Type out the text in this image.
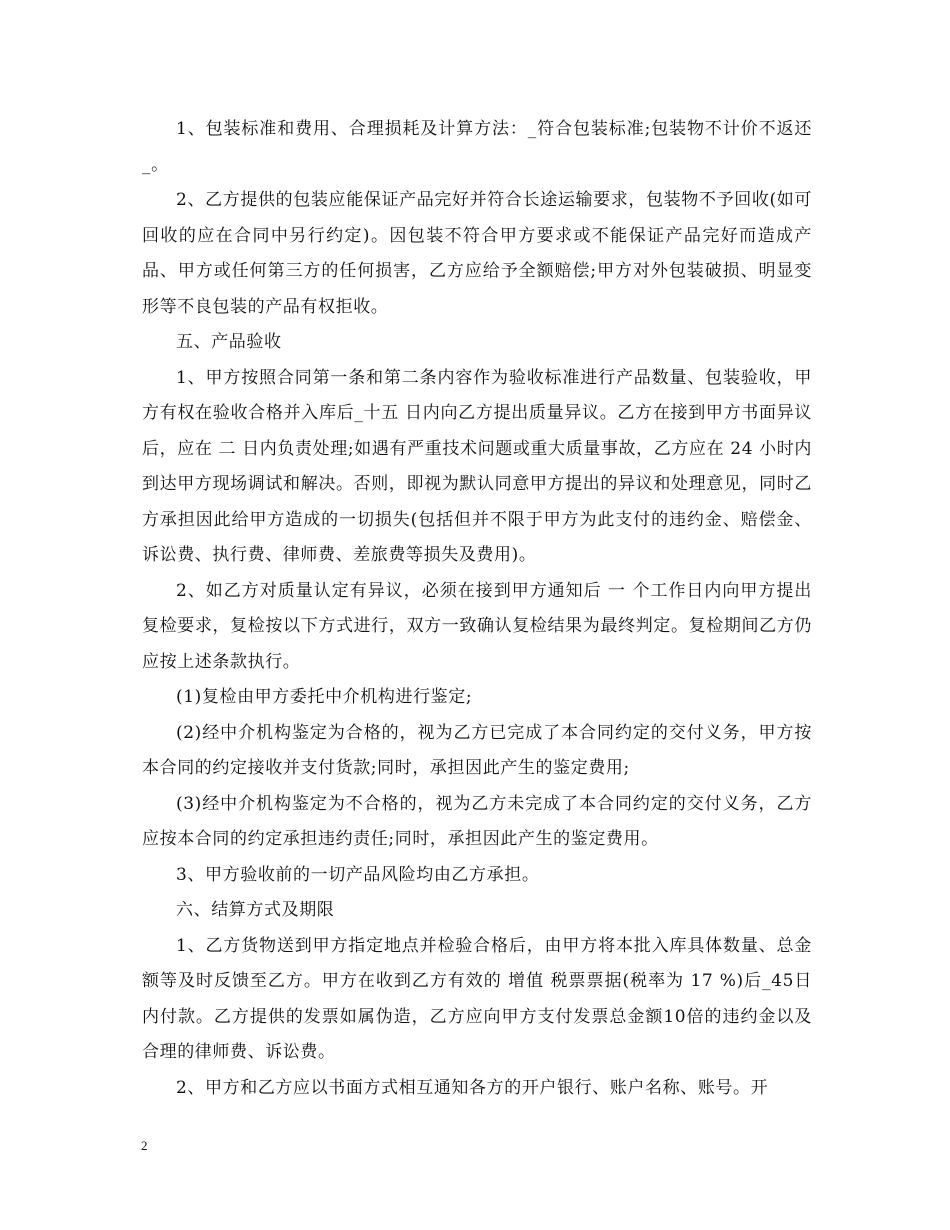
1、包装标准和费用、合理损耗及计算方法：_符合包装标准;包装物不计价不返还_。

2、乙方提供的包装应能保证产品完好并符合长途运输要求，包装物不予回收(如可回收的应在合同中另行约定)。因包装不符合甲方要求或不能保证产品完好而造成产品、甲方或任何第三方的任何损害，乙方应给予全额赔偿;甲方对外包装破损、明显变形等不良包装的产品有权拒收。

五、产品验收

1、甲方按照合同第一条和第二条内容作为验收标准进行产品数量、包装验收，甲方有权在验收合格并入库后_十五 日内向乙方提出质量异议。乙方在接到甲方书面异议后，应在 二 日内负责处理;如遇有严重技术问题或重大质量事故，乙方应在 24 小时内到达甲方现场调试和解决。否则，即视为默认同意甲方提出的异议和处理意见，同时乙方承担因此给甲方造成的一切损失(包括但并不限于甲方为此支付的违约金、赔偿金、诉讼费、执行费、律师费、差旅费等损失及费用)。

2、如乙方对质量认定有异议，必须在接到甲方通知后 一 个工作日内向甲方提出复检要求，复检按以下方式进行，双方一致确认复检结果为最终判定。复检期间乙方仍应按上述条款执行。

(1)复检由甲方委托中介机构进行鉴定;

(2)经中介机构鉴定为合格的，视为乙方已完成了本合同约定的交付义务，甲方按本合同的约定接收并支付货款;同时，承担因此产生的鉴定费用;

(3)经中介机构鉴定为不合格的，视为乙方未完成了本合同约定的交付义务，乙方应按本合同的约定承担违约责任;同时，承担因此产生的鉴定费用。

3、甲方验收前的一切产品风险均由乙方承担。

六、结算方式及期限

1、乙方货物送到甲方指定地点并检验合格后，由甲方将本批入库具体数量、总金额等及时反馈至乙方。甲方在收到乙方有效的 增值 税票票据(税率为 17 %)后_45日内付款。乙方提供的发票如属伪造，乙方应向甲方支付发票总金额10倍的违约金以及合理的律师费、诉讼费。

2、甲方和乙方应以书面方式相互通知各方的开户银行、账户名称、账号。开

2
